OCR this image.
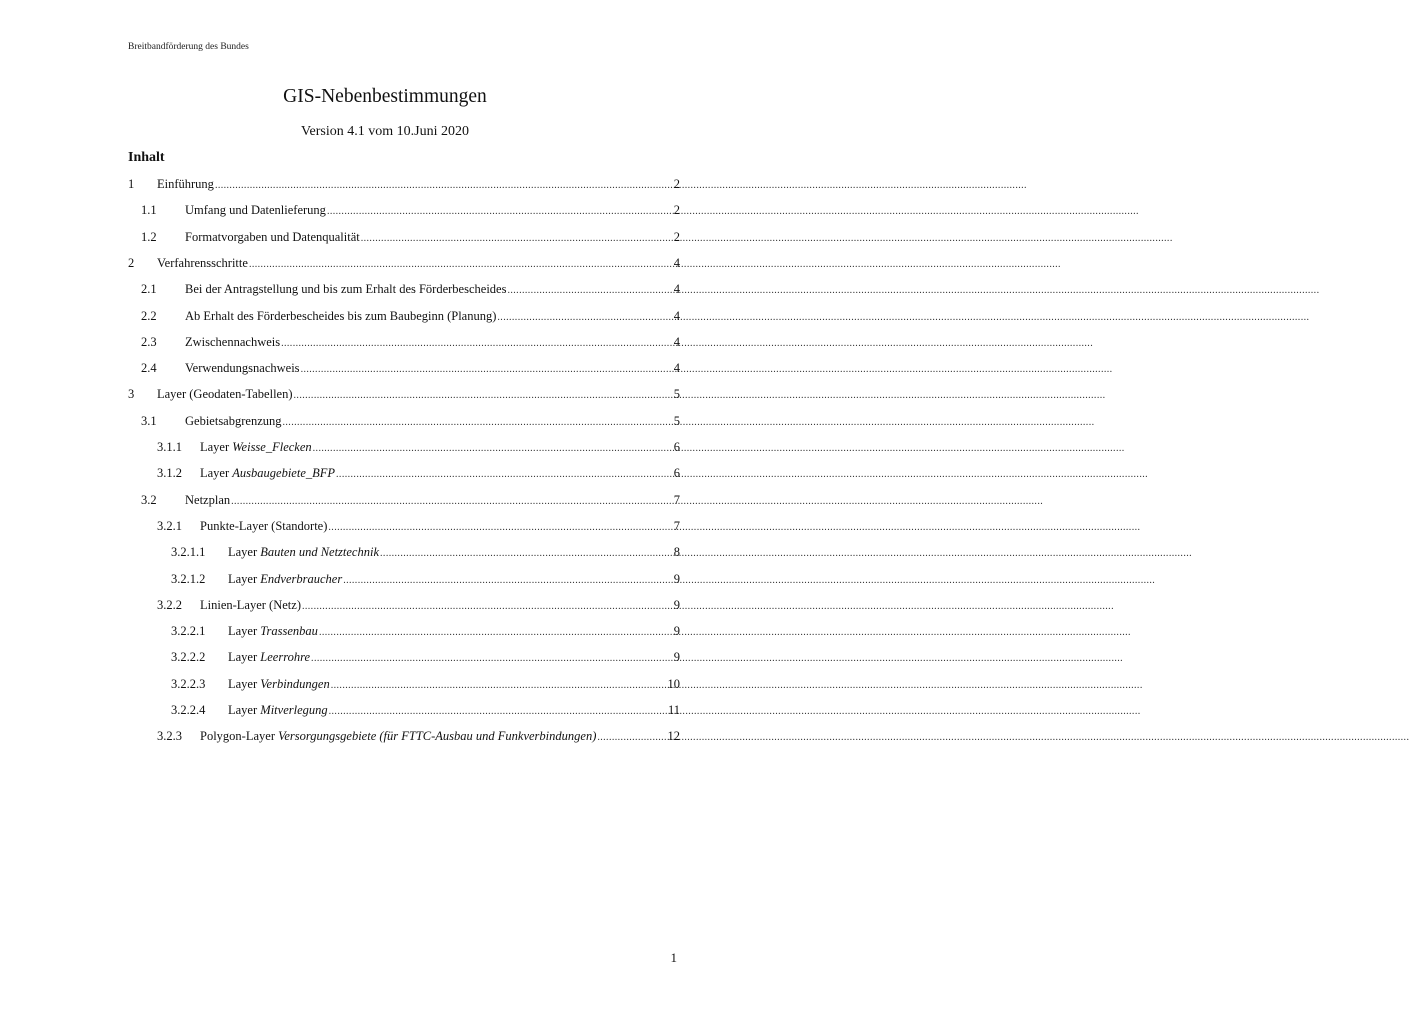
Breitbandförderung des Bundes
GIS-Nebenbestimmungen
Version 4.1 vom 10.Juni 2020
Inhalt
1	Einführung .....	2
1.1	Umfang und Datenlieferung .....	2
1.2	Formatvorgaben und Datenqualität .....	2
2	Verfahrensschritte .....	4
2.1	Bei der Antragstellung und bis zum Erhalt des Förderbescheides .....	4
2.2	Ab Erhalt des Förderbescheides bis zum Baubeginn (Planung) .....	4
2.3	Zwischennachweis .....	4
2.4	Verwendungsnachweis .....	4
3	Layer (Geodaten-Tabellen) .....	5
3.1	Gebietsabgrenzung .....	5
3.1.1	Layer Weisse_Flecken .....	6
3.1.2	Layer Ausbaugebiete_BFP .....	6
3.2	Netzplan .....	7
3.2.1	Punkte-Layer (Standorte) .....	7
3.2.1.1	Layer Bauten und Netztechnik .....	8
3.2.1.2	Layer Endverbraucher .....	9
3.2.2	Linien-Layer (Netz) .....	9
3.2.2.1	Layer Trassenbau .....	9
3.2.2.2	Layer Leerrohre .....	9
3.2.2.3	Layer Verbindungen .....	10
3.2.2.4	Layer Mitverlegung .....	11
3.2.3	Polygon-Layer Versorgungsgebiete (für FTTC-Ausbau und Funkverbindungen) .....	12
1
